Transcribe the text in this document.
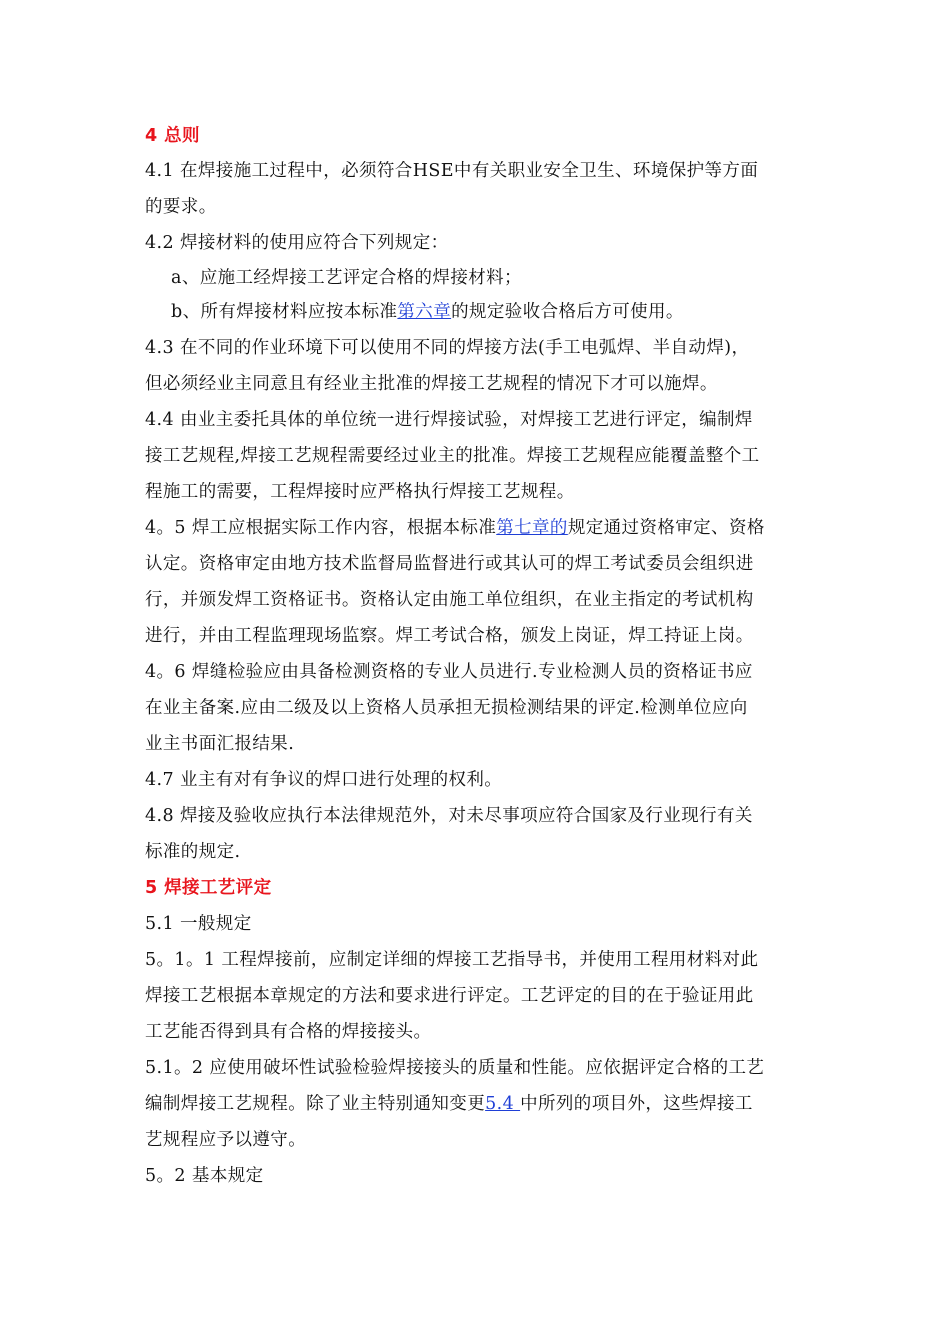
4 总则
4.1 在焊接施工过程中，必须符合HSE中有关职业安全卫生、环境保护等方面
的要求。
4.2 焊接材料的使用应符合下列规定：
a、应施工经焊接工艺评定合格的焊接材料；
b、所有焊接材料应按本标准第六章的规定验收合格后方可使用。
4.3 在不同的作业环境下可以使用不同的焊接方法(手工电弧焊、半自动焊)，
但必须经业主同意且有经业主批准的焊接工艺规程的情况下才可以施焊。
4.4 由业主委托具体的单位统一进行焊接试验，对焊接工艺进行评定，编制焊
接工艺规程,焊接工艺规程需要经过业主的批准。焊接工艺规程应能覆盖整个工
程施工的需要，工程焊接时应严格执行焊接工艺规程。
4。5 焊工应根据实际工作内容，根据本标准第七章的规定通过资格审定、资格
认定。资格审定由地方技术监督局监督进行或其认可的焊工考试委员会组织进
行，并颁发焊工资格证书。资格认定由施工单位组织，在业主指定的考试机构
进行，并由工程监理现场监察。焊工考试合格，颁发上岗证，焊工持证上岗。
4。6 焊缝检验应由具备检测资格的专业人员进行.专业检测人员的资格证书应
在业主备案.应由二级及以上资格人员承担无损检测结果的评定.检测单位应向
业主书面汇报结果.
4.7 业主有对有争议的焊口进行处理的权利。
4.8 焊接及验收应执行本法律规范外，对未尽事项应符合国家及行业现行有关
标准的规定.
5 焊接工艺评定
5.1 一般规定
5。1。1 工程焊接前，应制定详细的焊接工艺指导书，并使用工程用材料对此
焊接工艺根据本章规定的方法和要求进行评定。工艺评定的目的在于验证用此
工艺能否得到具有合格的焊接接头。
5.1。2 应使用破坏性试验检验焊接接头的质量和性能。应依据评定合格的工艺
编制焊接工艺规程。除了业主特别通知变更5.4 中所列的项目外，这些焊接工
艺规程应予以遵守。
5。2 基本规定
